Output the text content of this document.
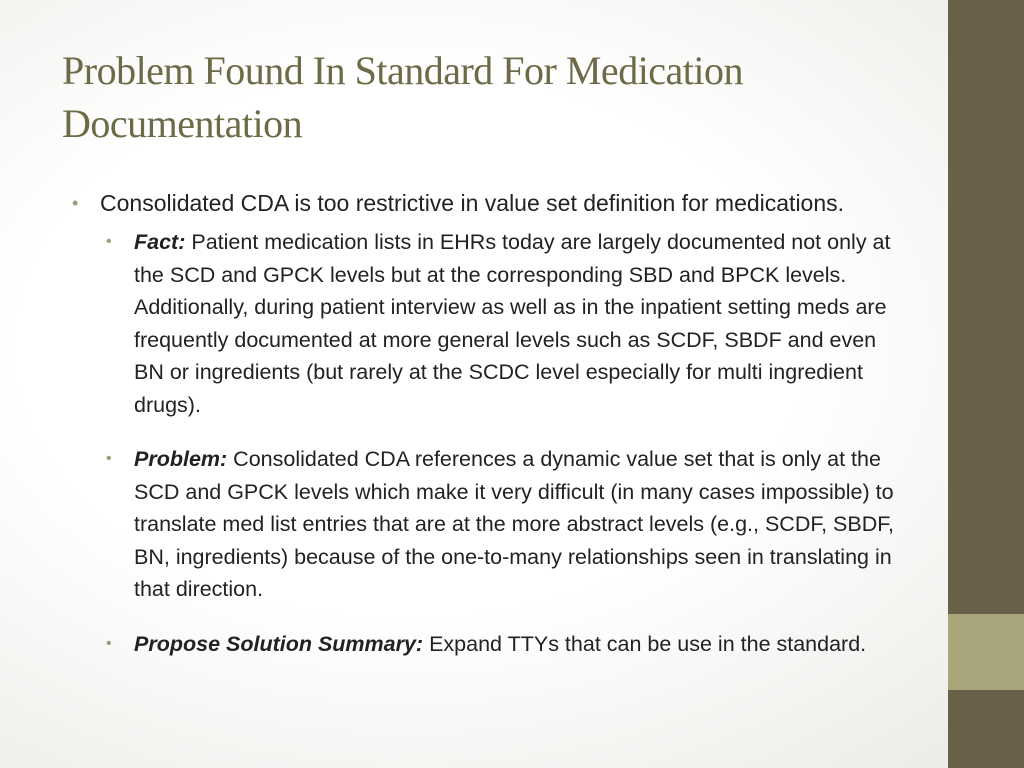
Problem Found In Standard For Medication Documentation

• Consolidated CDA is too restrictive in value set definition for medications.

• Fact: Patient medication lists in EHRs today are largely documented not only at the SCD and GPCK levels but at the corresponding SBD and BPCK levels. Additionally, during patient interview as well as in the inpatient setting meds are frequently documented at more general levels such as SCDF, SBDF and even BN or ingredients (but rarely at the SCDC level especially for multi ingredient drugs).

• Problem: Consolidated CDA references a dynamic value set that is only at the SCD and GPCK levels which make it very difficult (in many cases impossible) to translate med list entries that are at the more abstract levels (e.g., SCDF, SBDF, BN, ingredients) because of the one-to-many relationships seen in translating in that direction.

• Propose Solution Summary: Expand TTYs that can be use in the standard.
